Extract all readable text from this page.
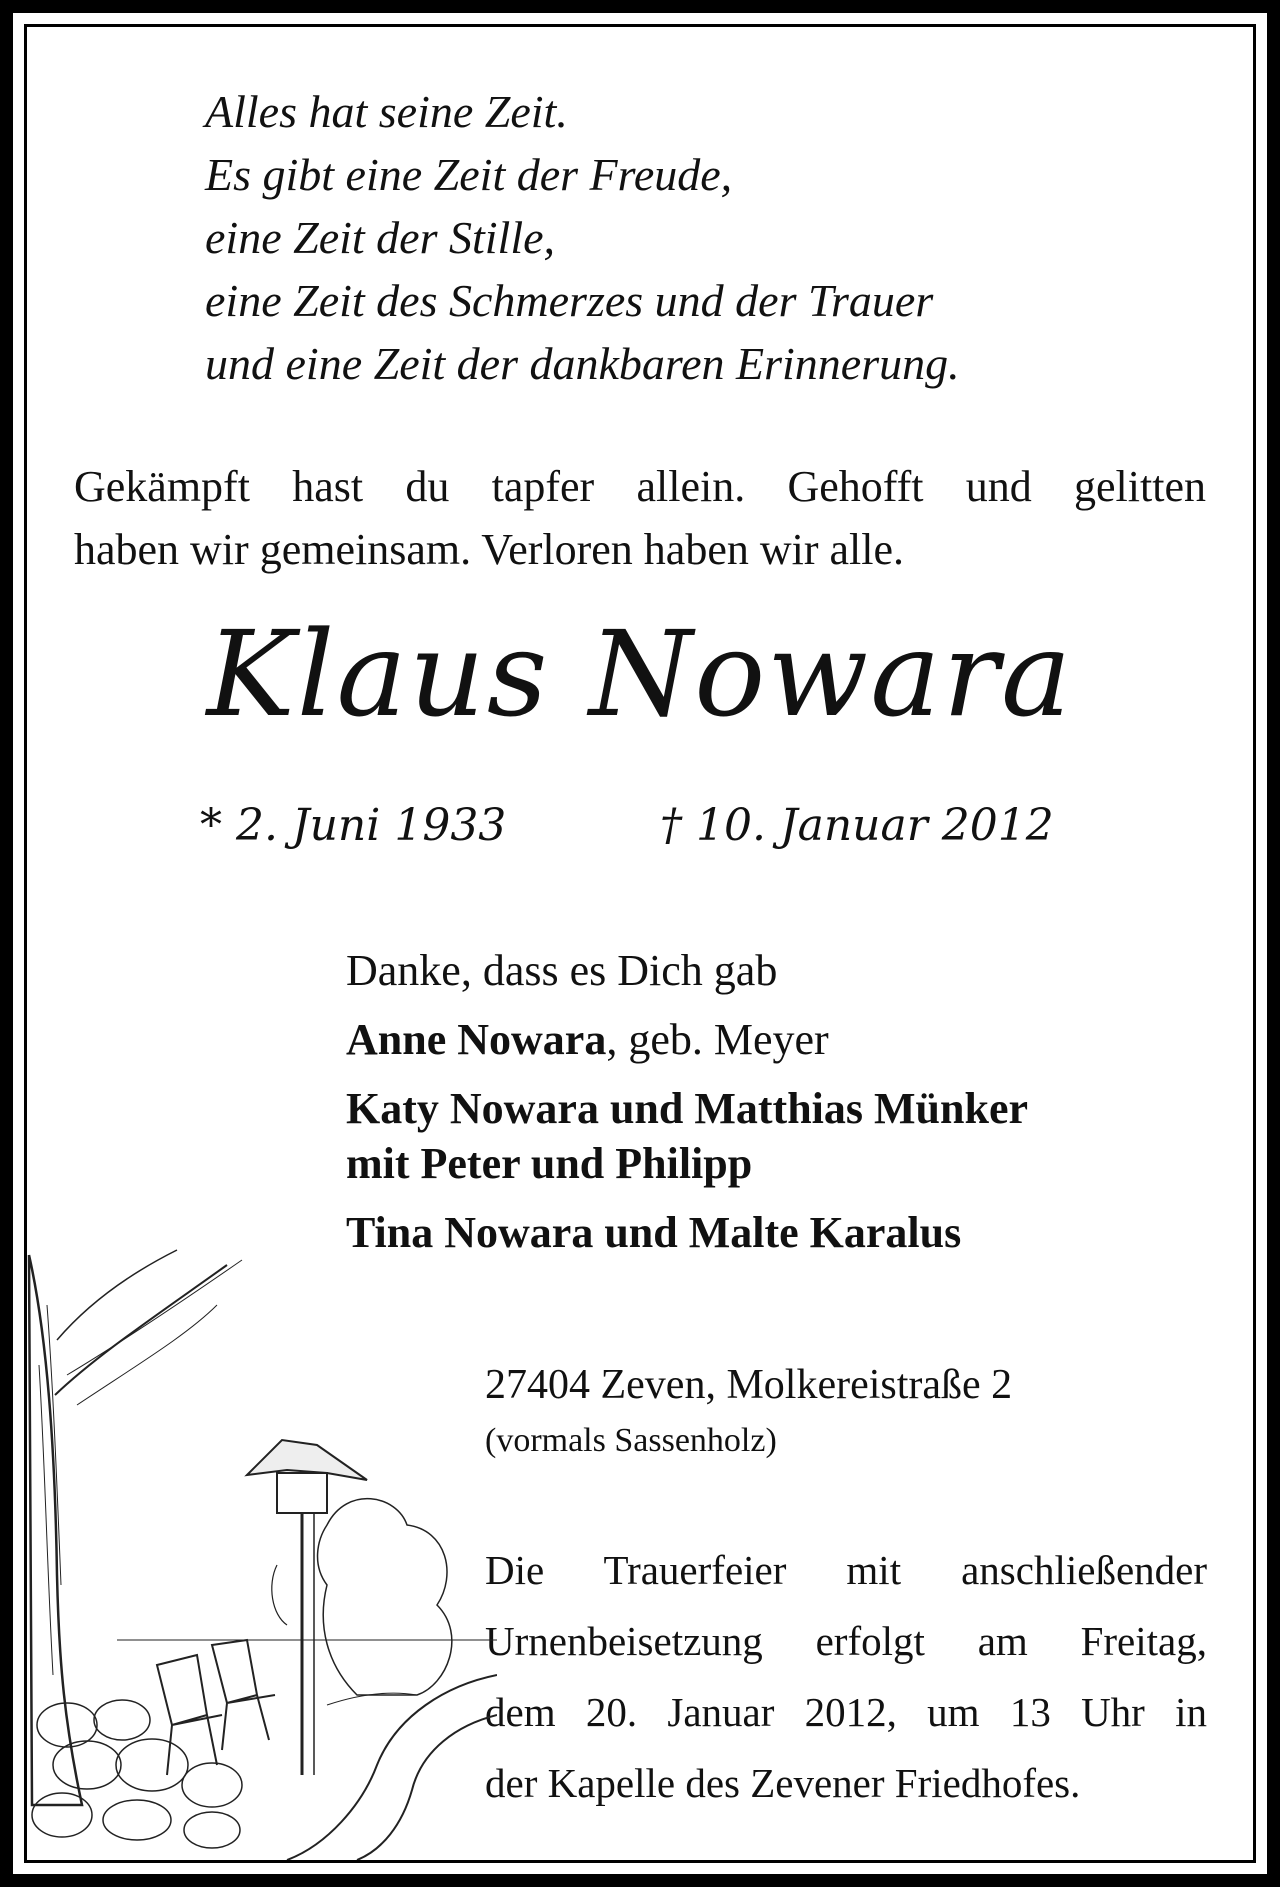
Alles hat seine Zeit.
Es gibt eine Zeit der Freude,
eine Zeit der Stille,
eine Zeit des Schmerzes und der Trauer
und eine Zeit der dankbaren Erinnerung.
Gekämpft hast du tapfer allein. Gehofft und gelitten
haben wir gemeinsam. Verloren haben wir alle.
Klaus Nowara
* 2. Juni 1933	† 10. Januar 2012
Danke, dass es Dich gab
Anne Nowara, geb. Meyer
Katy Nowara und Matthias Münker
mit Peter und Philipp
Tina Nowara und Malte Karalus
27404 Zeven, Molkereistraße 2
(vormals Sassenholz)
Die Trauerfeier mit anschließender
Urnenbeisetzung erfolgt am Freitag,
dem 20. Januar 2012, um 13 Uhr in
der Kapelle des Zevener Friedhofes.
